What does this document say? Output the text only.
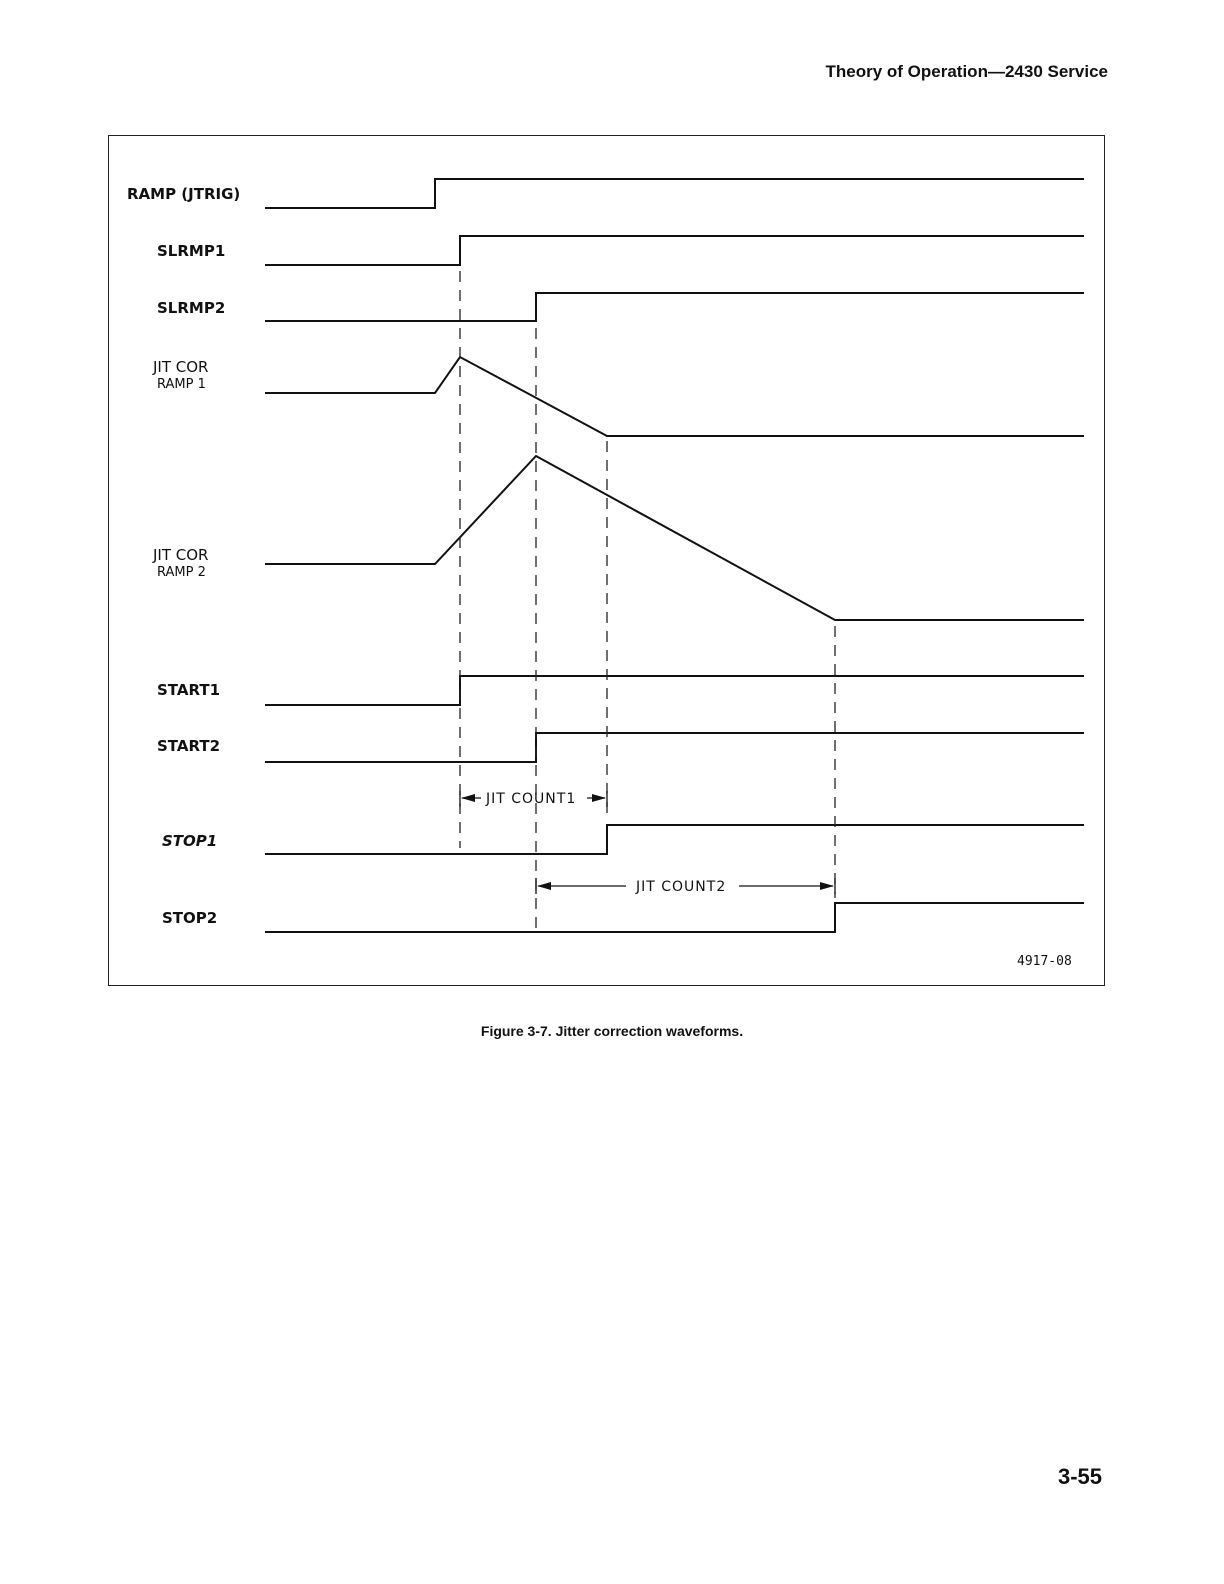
Theory of Operation—2430 Service
RAMP (JTRIG)
SLRMP1
SLRMP2
JIT COR
RAMP 1
JIT COR
RAMP 2
START1
START2
STOP1
STOP2
JIT COUNT1
JIT COUNT2
4917-08
Figure 3-7. Jitter correction waveforms.
3-55
